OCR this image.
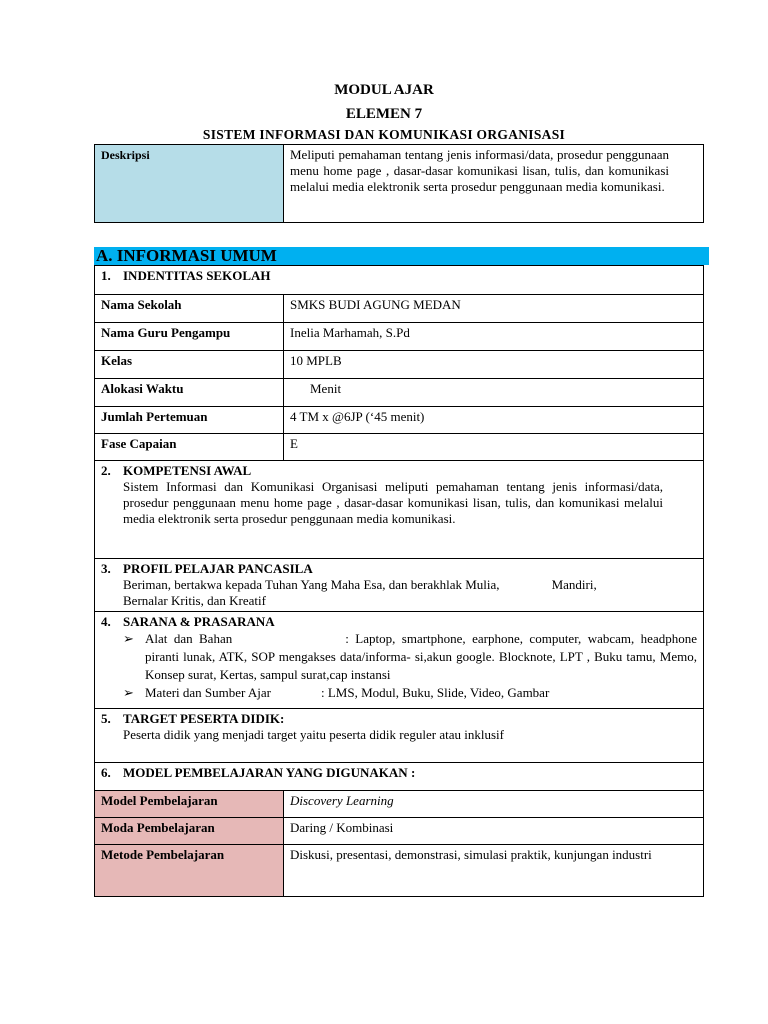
MODUL AJAR
ELEMEN 7
SISTEM INFORMASI DAN KOMUNIKASI ORGANISASI
Deskripsi	Meliputi pemahaman tentang jenis informasi/data, prosedur penggunaan menu home page , dasar-dasar komunikasi lisan, tulis, dan komunikasi melalui media elektronik serta prosedur penggunaan media komunikasi.
A. INFORMASI UMUM
1. INDENTITAS SEKOLAH	
Nama Sekolah	SMKS BUDI AGUNG MEDAN
Nama Guru Pengampu	Inelia Marhamah, S.Pd
Kelas	10 MPLB
Alokasi Waktu	Menit
Jumlah Pertemuan	4 TM x @6JP (‘45 menit)
Fase Capaian	E

2. KOMPETENSI AWAL
Sistem Informasi dan Komunikasi Organisasi meliputi pemahaman tentang jenis informasi/data, prosedur penggunaan menu home page , dasar-dasar komunikasi lisan, tulis, dan komunikasi melalui media elektronik serta prosedur penggunaan media komunikasi.	

3. PROFIL PELAJAR PANCASILA
Beriman, bertakwa kepada Tuhan Yang Maha Esa, dan berakhlak Mulia, Mandiri,
Bernalar Kritis, dan Kreatif	

4. SARANA & PRASARANA
➢ Alat dan Bahan : Laptop, smartphone, earphone, computer, wabcam, headphone piranti lunak, ATK, SOP mengakses data/informa- si,akun google. Blocknote, LPT , Buku tamu, Memo, Konsep surat, Kertas, sampul surat,cap instansi
➢ Materi dan Sumber Ajar : LMS, Modul, Buku, Slide, Video, Gambar	

5. TARGET PESERTA DIDIK:
Peserta didik yang menjadi target yaitu peserta didik reguler atau inklusif	

6. MODEL PEMBELAJARAN YANG DIGUNAKAN :	
Model Pembelajaran	Discovery Learning
Moda Pembelajaran	Daring / Kombinasi
Metode Pembelajaran	Diskusi, presentasi, demonstrasi, simulasi praktik, kunjungan industri
